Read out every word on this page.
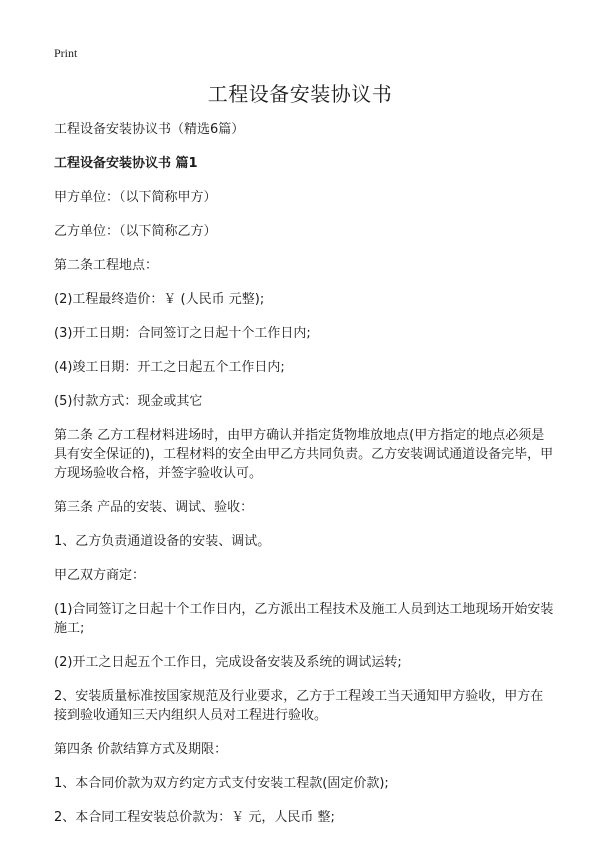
Print
工程设备安装协议书

工程设备安装协议书（精选6篇）

工程设备安装协议书 篇1

甲方单位：（以下简称甲方）

乙方单位：（以下简称乙方）

第二条工程地点：

(2)工程最终造价：￥ (人民币 元整);

(3)开工日期：合同签订之日起十个工作日内;

(4)竣工日期：开工之日起五个工作日内;

(5)付款方式：现金或其它

第二条 乙方工程材料进场时，由甲方确认并指定货物堆放地点(甲方指定的地点必须是具有安全保证的)，工程材料的安全由甲乙方共同负责。乙方安装调试通道设备完毕，甲方现场验收合格，并签字验收认可。

第三条 产品的安装、调试、验收：

1、乙方负责通道设备的安装、调试。

甲乙双方商定：

(1)合同签订之日起十个工作日内，乙方派出工程技术及施工人员到达工地现场开始安装施工;

(2)开工之日起五个工作日，完成设备安装及系统的调试运转;

2、安装质量标准按国家规范及行业要求，乙方于工程竣工当天通知甲方验收，甲方在接到验收通知三天内组织人员对工程进行验收。

第四条 价款结算方式及期限：

1、本合同价款为双方约定方式支付安装工程款(固定价款);

2、本合同工程安装总价款为：￥ 元，人民币 整;
